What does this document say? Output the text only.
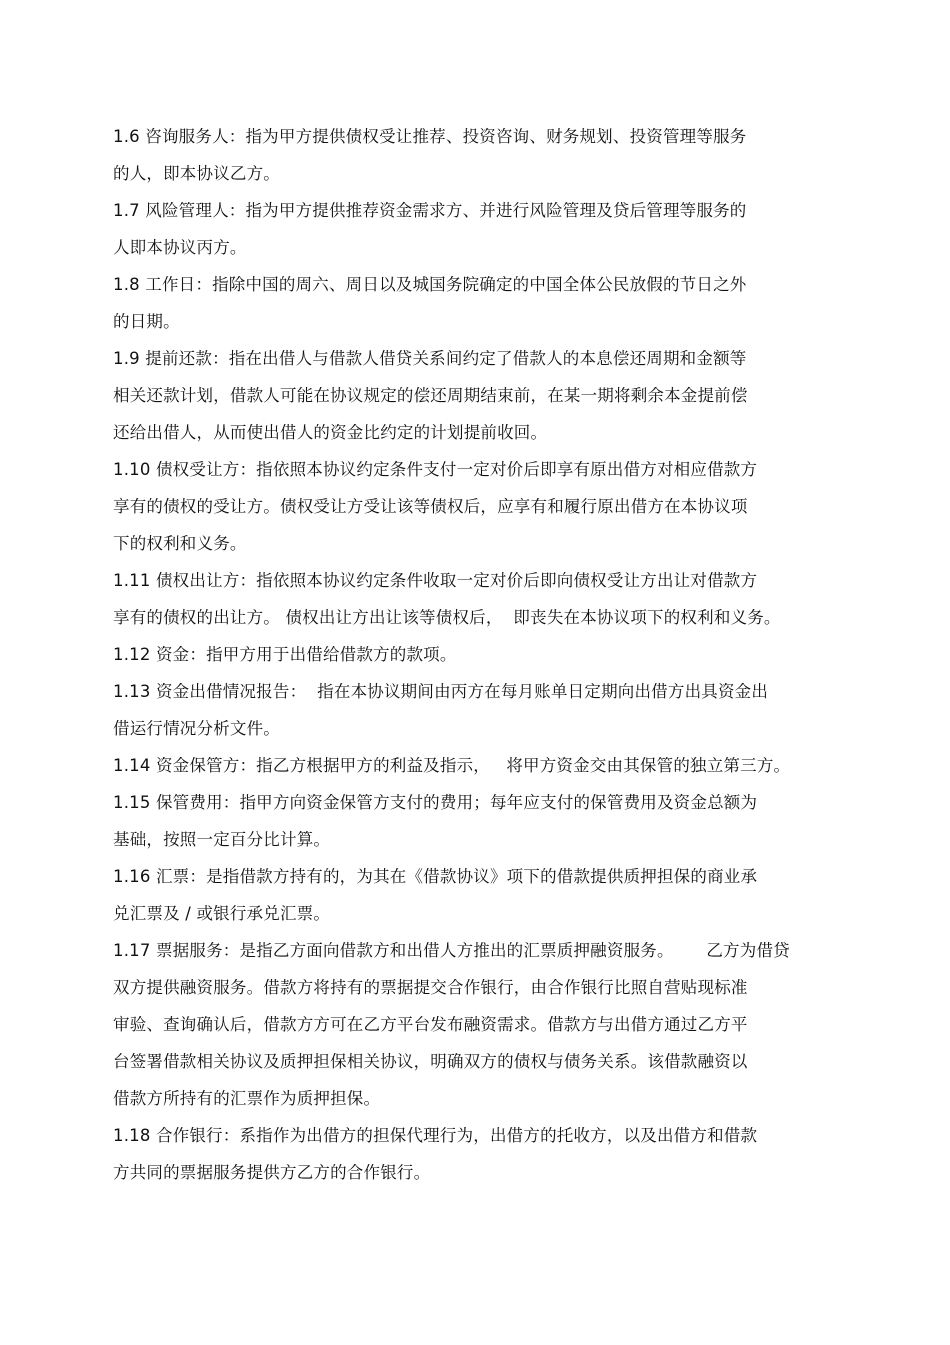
1.6 咨询服务人：指为甲方提供债权受让推荐、投资咨询、财务规划、投资管理等服务
的人，即本协议乙方。
1.7 风险管理人：指为甲方提供推荐资金需求方、并进行风险管理及贷后管理等服务的
人即本协议丙方。
1.8 工作日：指除中国的周六、周日以及城国务院确定的中国全体公民放假的节日之外
的日期。
1.9 提前还款：指在出借人与借款人借贷关系间约定了借款人的本息偿还周期和金额等
相关还款计划，借款人可能在协议规定的偿还周期结束前，在某一期将剩余本金提前偿
还给出借人，从而使出借人的资金比约定的计划提前收回。
1.10 债权受让方：指依照本协议约定条件支付一定对价后即享有原出借方对相应借款方
享有的债权的受让方。债权受让方受让该等债权后，应享有和履行原出借方在本协议项
下的权利和义务。
1.11 债权出让方：指依照本协议约定条件收取一定对价后即向债权受让方出让对借款方
享有的债权的出让方。 债权出让方出让该等债权后，  即丧失在本协议项下的权利和义务。
1.12 资金：指甲方用于出借给借款方的款项。
1.13 资金出借情况报告：  指在本协议期间由丙方在每月账单日定期向出借方出具资金出
借运行情况分析文件。
1.14 资金保管方：指乙方根据甲方的利益及指示，   将甲方资金交由其保管的独立第三方。
1.15 保管费用：指甲方向资金保管方支付的费用；每年应支付的保管费用及资金总额为
基础，按照一定百分比计算。
1.16 汇票：是指借款方持有的，为其在《借款协议》项下的借款提供质押担保的商业承
兑汇票及 / 或银行承兑汇票。
1.17 票据服务：是指乙方面向借款方和出借人方推出的汇票质押融资服务。      乙方为借贷
双方提供融资服务。借款方将持有的票据提交合作银行，由合作银行比照自营贴现标准
审验、查询确认后，借款方方可在乙方平台发布融资需求。借款方与出借方通过乙方平
台签署借款相关协议及质押担保相关协议，明确双方的债权与债务关系。该借款融资以
借款方所持有的汇票作为质押担保。
1.18 合作银行：系指作为出借方的担保代理行为，出借方的托收方，以及出借方和借款
方共同的票据服务提供方乙方的合作银行。
